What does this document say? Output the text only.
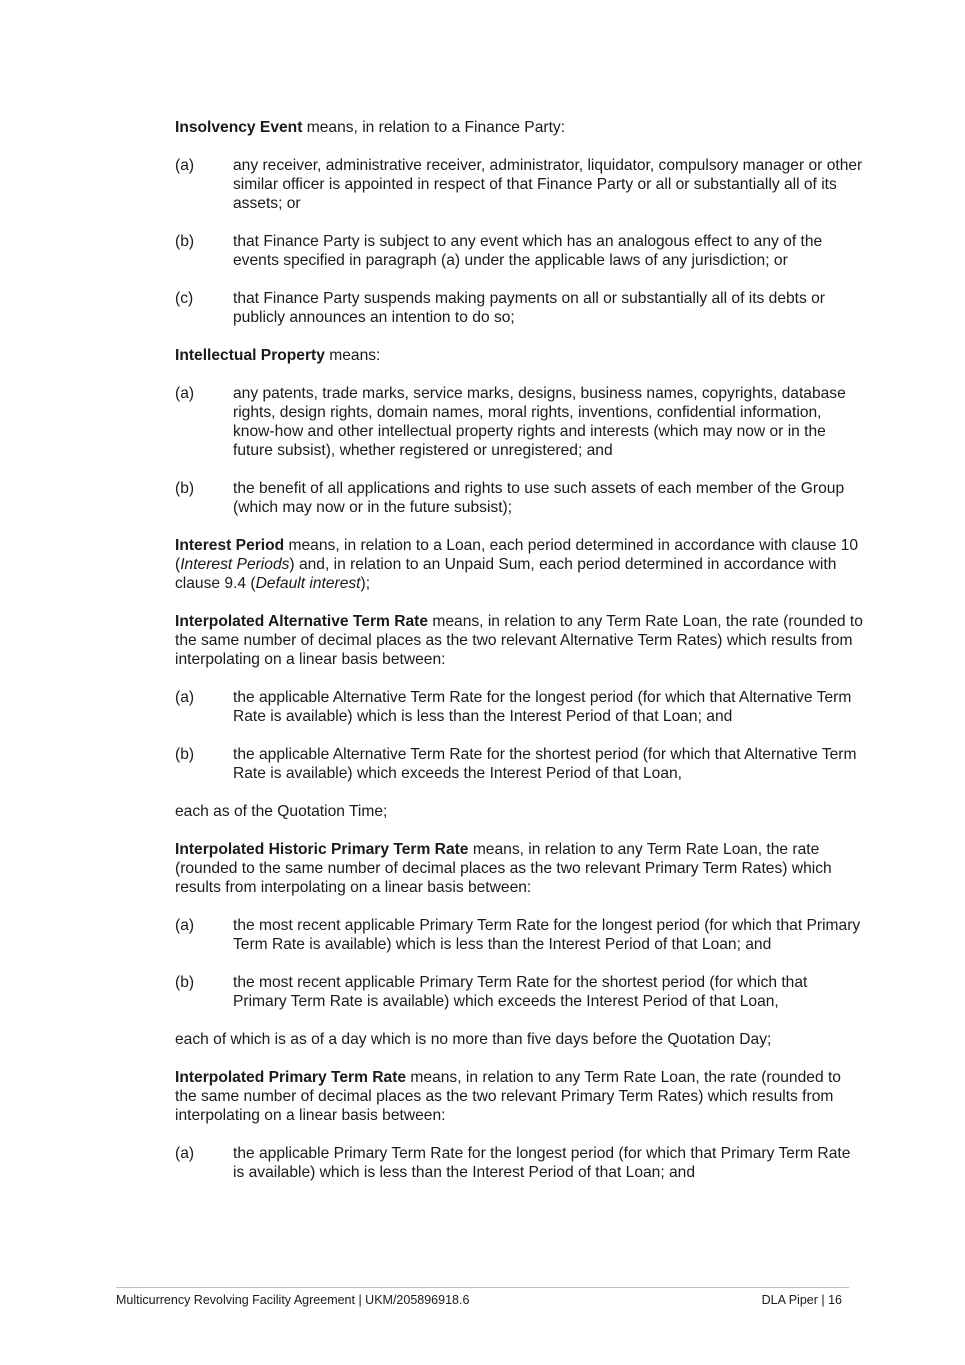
Insolvency Event means, in relation to a Finance Party:

(a)	any receiver, administrative receiver, administrator, liquidator, compulsory manager or other similar officer is appointed in respect of that Finance Party or all or substantially all of its assets; or
(b)	that Finance Party is subject to any event which has an analogous effect to any of the events specified in paragraph (a) under the applicable laws of any jurisdiction; or
(c)	that Finance Party suspends making payments on all or substantially all of its debts or publicly announces an intention to do so;

Intellectual Property means:

(a)	any patents, trade marks, service marks, designs, business names, copyrights, database rights, design rights, domain names, moral rights, inventions, confidential information, know-how and other intellectual property rights and interests (which may now or in the future subsist), whether registered or unregistered; and
(b)	the benefit of all applications and rights to use such assets of each member of the Group (which may now or in the future subsist);

Interest Period means, in relation to a Loan, each period determined in accordance with clause 10 (Interest Periods) and, in relation to an Unpaid Sum, each period determined in accordance with clause 9.4 (Default interest);

Interpolated Alternative Term Rate means, in relation to any Term Rate Loan, the rate (rounded to the same number of decimal places as the two relevant Alternative Term Rates) which results from interpolating on a linear basis between:

(a)	the applicable Alternative Term Rate for the longest period (for which that Alternative Term Rate is available) which is less than the Interest Period of that Loan; and
(b)	the applicable Alternative Term Rate for the shortest period (for which that Alternative Term Rate is available) which exceeds the Interest Period of that Loan,

each as of the Quotation Time;

Interpolated Historic Primary Term Rate means, in relation to any Term Rate Loan, the rate (rounded to the same number of decimal places as the two relevant Primary Term Rates) which results from interpolating on a linear basis between:

(a)	the most recent applicable Primary Term Rate for the longest period (for which that Primary Term Rate is available) which is less than the Interest Period of that Loan; and
(b)	the most recent applicable Primary Term Rate for the shortest period (for which that Primary Term Rate is available) which exceeds the Interest Period of that Loan,

each of which is as of a day which is no more than five days before the Quotation Day;

Interpolated Primary Term Rate means, in relation to any Term Rate Loan, the rate (rounded to the same number of decimal places as the two relevant Primary Term Rates) which results from interpolating on a linear basis between:

(a)	the applicable Primary Term Rate for the longest period (for which that Primary Term Rate is available) which is less than the Interest Period of that Loan; and
Multicurrency Revolving Facility Agreement | UKM/205896918.6	DLA Piper | 16
